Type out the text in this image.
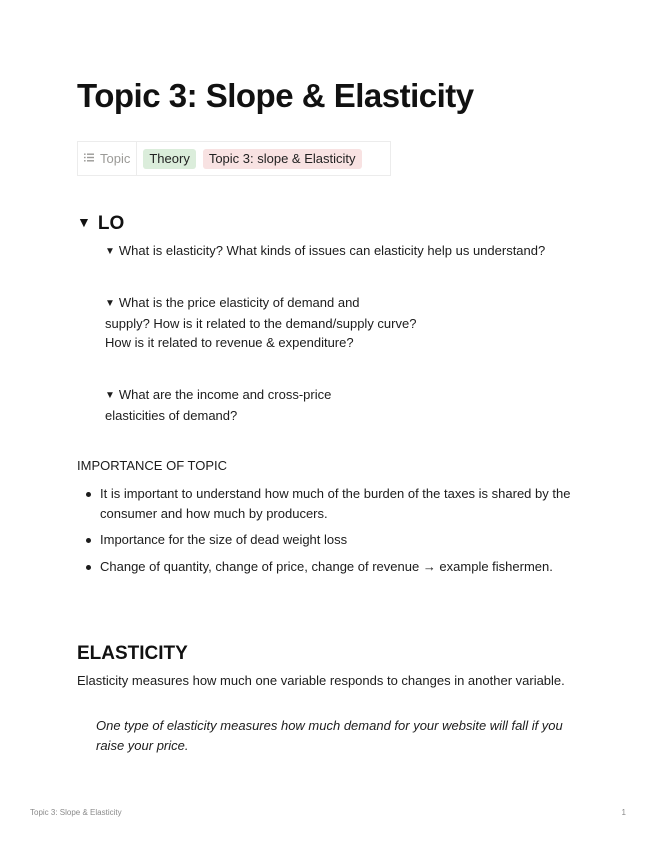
Topic 3: Slope & Elasticity
Topic	Theory	Topic 3: slope & Elasticity
▼ LO
▼ What is elasticity? What kinds of issues can elasticity help us understand?
▼ What is the price elasticity of demand and
supply? How is it related to the demand/supply curve?
How is it related to revenue & expenditure?
▼ What are the income and cross-price
elasticities of demand?

IMPORTANCE OF TOPIC

It is important to understand how much of the burden of the taxes is shared by the consumer and how much by producers.
Importance for the size of dead weight loss
Change of quantity, change of price, change of revenue → example fishermen.
ELASTICITY

Elasticity measures how much one variable responds to changes in another variable.

One type of elasticity measures how much demand for your website will fall if you raise your price.

Topic 3: Slope & Elasticity	1
